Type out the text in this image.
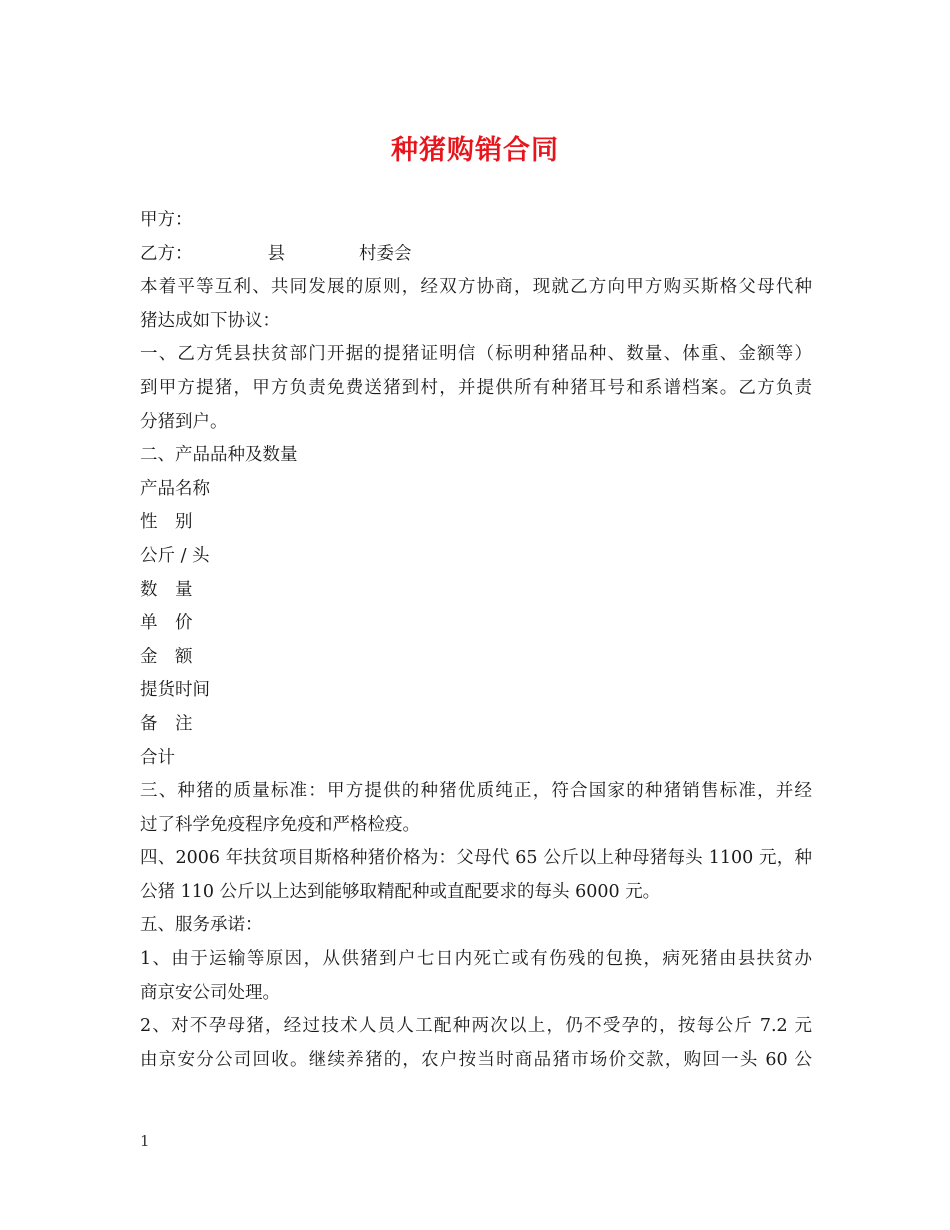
种猪购销合同
甲方：
乙方：	县	村委会
本着平等互利、共同发展的原则，经双方协商，现就乙方向甲方购买斯格父母代种
猪达成如下协议：
一、乙方凭县扶贫部门开据的提猪证明信（标明种猪品种、数量、体重、金额等）
到甲方提猪，甲方负责免费送猪到村，并提供所有种猪耳号和系谱档案。乙方负责
分猪到户。
二、产品品种及数量
产品名称
性　别
公斤 / 头
数　量
单　价
金　额
提货时间
备　注
合计
三、种猪的质量标准：甲方提供的种猪优质纯正，符合国家的种猪销售标准，并经
过了科学免疫程序免疫和严格检疫。
四、2006 年扶贫项目斯格种猪价格为：父母代 65 公斤以上种母猪每头 1100 元，种
公猪 110 公斤以上达到能够取精配种或直配要求的每头 6000 元。
五、服务承诺：
1、由于运输等原因，从供猪到户七日内死亡或有伤残的包换，病死猪由县扶贫办
商京安公司处理。
2、对不孕母猪，经过技术人员人工配种两次以上，仍不受孕的，按每公斤 7.2 元
由京安分公司回收。继续养猪的，农户按当时商品猪市场价交款，购回一头 60 公
1
